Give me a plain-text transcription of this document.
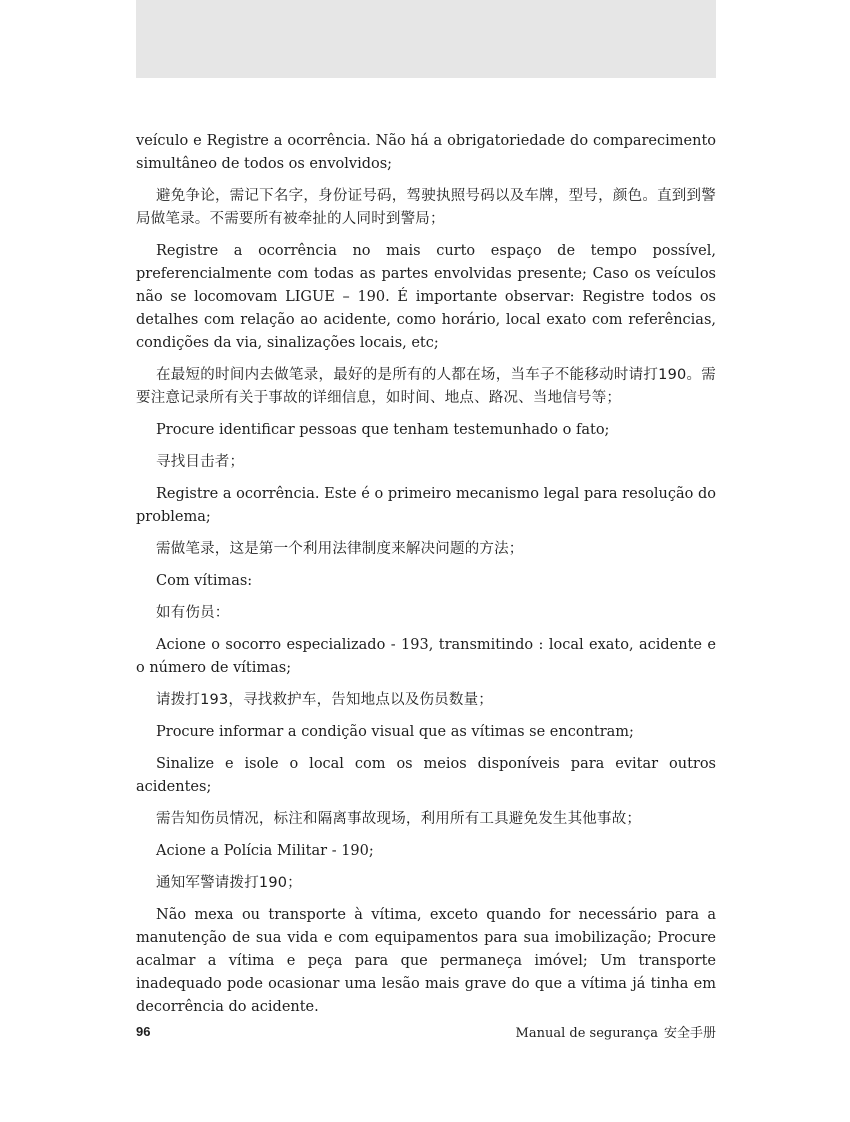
veículo e Registre a ocorrência. Não há a obrigatoriedade do comparecimento simultâneo de todos os envolvidos;

避免争论，需记下名字，身份证号码，驾驶执照号码以及车牌，型号，颜色。直到到警局做笔录。不需要所有被牵扯的人同时到警局；

Registre a ocorrência no mais curto espaço de tempo possível, preferencialmente com todas as partes envolvidas presente; Caso os veículos não se locomovam LIGUE – 190. É importante observar: Registre todos os detalhes com relação ao acidente, como horário, local exato com referências, condições da via, sinalizações locais, etc;

在最短的时间内去做笔录，最好的是所有的人都在场，当车子不能移动时请打190。需要注意记录所有关于事故的详细信息，如时间、地点、路况、当地信号等；

Procure identificar pessoas que tenham testemunhado o fato;

寻找目击者；

Registre a ocorrência. Este é o primeiro mecanismo legal para resolução do problema;

需做笔录，这是第一个利用法律制度来解决问题的方法；

Com vítimas:

如有伤员：

Acione o socorro especializado - 193, transmitindo : local exato, acidente e o número de vítimas;

请拨打193，寻找救护车，告知地点以及伤员数量；

Procure informar a condição visual que as vítimas se encontram;

Sinalize e isole o local com os meios disponíveis para evitar outros acidentes;

需告知伤员情况，标注和隔离事故现场，利用所有工具避免发生其他事故；

Acione a Polícia Militar - 190;

通知军警请拨打190；

Não mexa ou transporte à vítima, exceto quando for necessário para a manutenção de sua vida e com equipamentos para sua imobilização; Procure acalmar a vítima e peça para que permaneça imóvel; Um transporte inadequado pode ocasionar uma lesão mais grave do que a vítima já tinha em decorrência do acidente.

96	Manual de segurança 安全手册
